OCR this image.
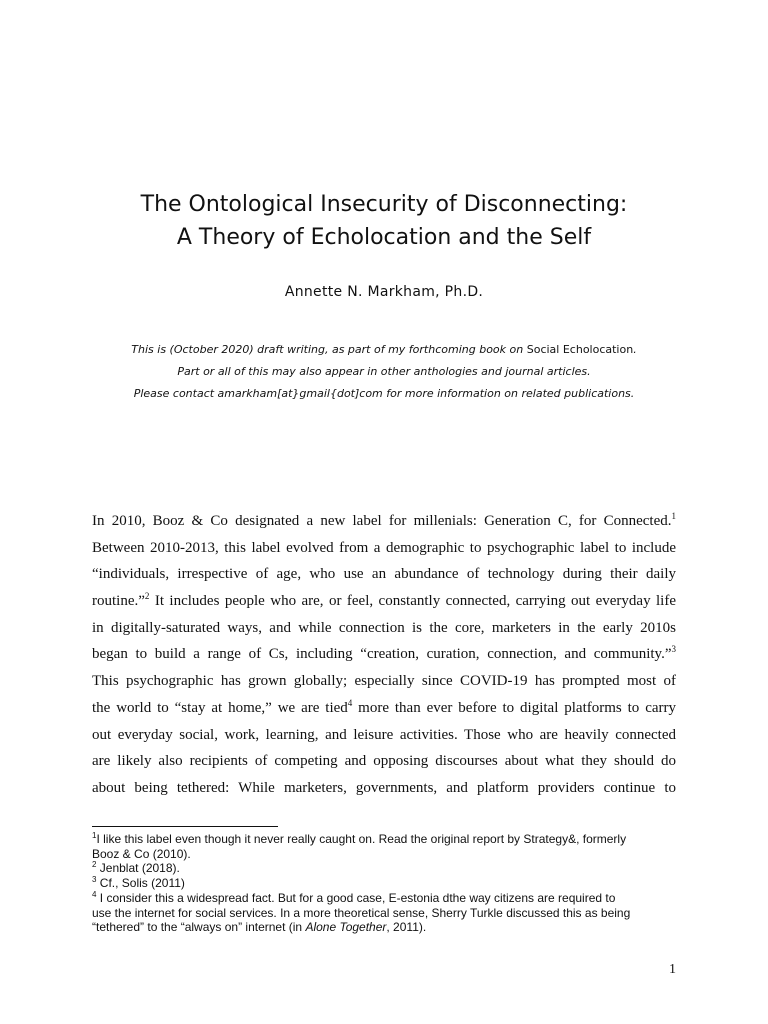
The Ontological Insecurity of Disconnecting:
A Theory of Echolocation and the Self
Annette N. Markham, Ph.D.
This is (October 2020) draft writing, as part of my forthcoming book on Social Echolocation.
Part or all of this may also appear in other anthologies and journal articles.
Please contact amarkham[at}gmail{dot]com for more information on related publications.
In 2010, Booz & Co designated a new label for millenials: Generation C, for Connected.$^1$
Between 2010-2013, this label evolved from a demographic to psychographic label to include
“individuals, irrespective of age, who use an abundance of technology during their daily
routine.”$^2$ It includes people who are, or feel, constantly connected, carrying out everyday life
in digitally-saturated ways, and while connection is the core, marketers in the early 2010s
began to build a range of Cs, including “creation, curation, connection, and community.”$^3$
This psychographic has grown globally; especially since COVID-19 has prompted most of
the world to “stay at home,” we are tied$^4$ more than ever before to digital platforms to carry
out everyday social, work, learning, and leisure activities. Those who are heavily connected
are likely also recipients of competing and opposing discourses about what they should do
about being tethered: While marketers, governments, and platform providers continue to
$^1$I like this label even though it never really caught on. Read the original report by Strategy&, formerly
Booz & Co (2010).
$^2$ Jenblat (2018).
$^3$ Cf., Solis (2011)
$^4$ I consider this a widespread fact. But for a good case, E-estonia dthe way citizens are required to
use the internet for social services. In a more theoretical sense, Sherry Turkle discussed this as being
“tethered” to the “always on” internet (in Alone Together, 2011).
1
